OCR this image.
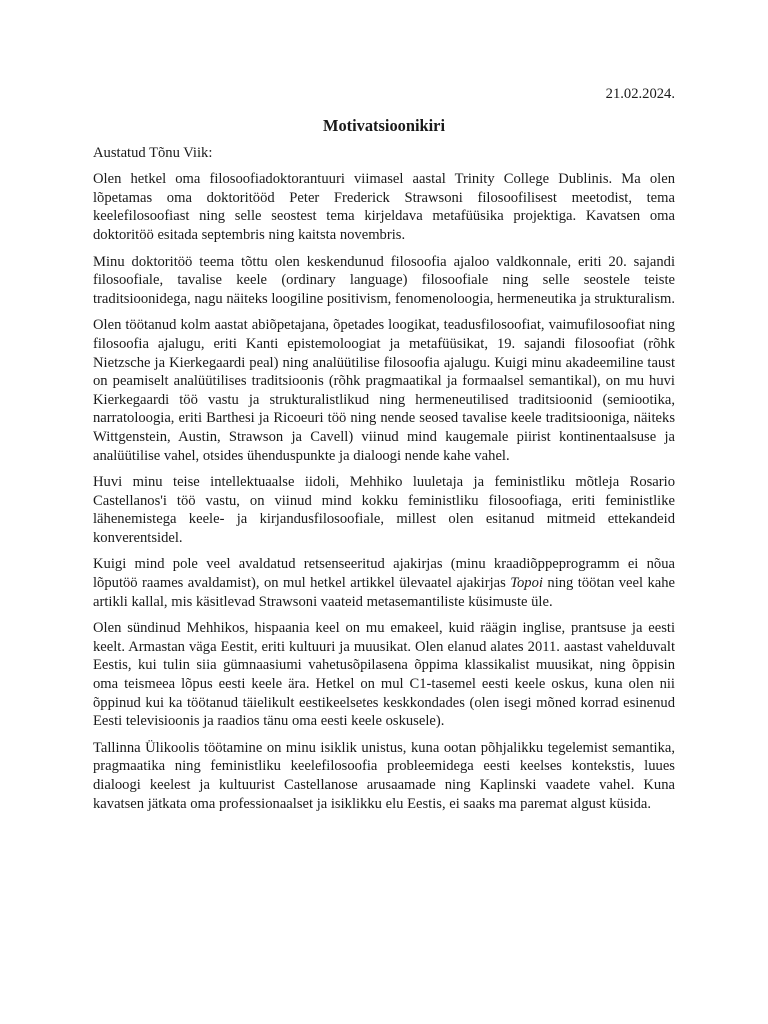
21.02.2024.

Motivatsioonikiri

Austatud Tõnu Viik:

Olen hetkel oma filosoofiadoktorantuuri viimasel aastal Trinity College Dublinis. Ma olen lõpetamas oma doktoritööd Peter Frederick Strawsoni filosoofilisest meetodist, tema keelefilosoofiast ning selle seostest tema kirjeldava metafüüsika projektiga. Kavatsen oma doktoritöö esitada septembris ning kaitsta novembris.

Minu doktoritöö teema tõttu olen keskendunud filosoofia ajaloo valdkonnale, eriti 20. sajandi filosoofiale, tavalise keele (ordinary language) filosoofiale ning selle seostele teiste traditsioonidega, nagu näiteks loogiline positivism, fenomenoloogia, hermeneutika ja strukturalism.

Olen töötanud kolm aastat abiõpetajana, õpetades loogikat, teadusfilosoofiat, vaimufilosoofiat ning filosoofia ajalugu, eriti Kanti epistemoloogiat ja metafüüsikat, 19. sajandi filosoofiat (rõhk Nietzsche ja Kierkegaardi peal) ning analüütilise filosoofia ajalugu. Kuigi minu akadeemiline taust on peamiselt analüütilises traditsioonis (rõhk pragmaatikal ja formaalsel semantikal), on mu huvi Kierkegaardi töö vastu ja strukturalistlikud ning hermeneutilised traditsioonid (semiootika, narratoloogia, eriti Barthesi ja Ricoeuri töö ning nende seosed tavalise keele traditsiooniga, näiteks Wittgenstein, Austin, Strawson ja Cavell) viinud mind kaugemale piirist kontinentaalsuse ja analüütilise vahel, otsides ühenduspunkte ja dialoogi nende kahe vahel.

Huvi minu teise intellektuaalse iidoli, Mehhiko luuletaja ja feministliku mõtleja Rosario Castellanos'i töö vastu, on viinud mind kokku feministliku filosoofiaga, eriti feministlike lähenemistega keele- ja kirjandusfilosoofiale, millest olen esitanud mitmeid ettekandeid konverentsidel.

Kuigi mind pole veel avaldatud retsenseeritud ajakirjas (minu kraadiõppeprogramm ei nõua lõputöö raames avaldamist), on mul hetkel artikkel ülevaatel ajakirjas Topoi ning töötan veel kahe artikli kallal, mis käsitlevad Strawsoni vaateid metasemantiliste küsimuste üle.

Olen sündinud Mehhikos, hispaania keel on mu emakeel, kuid räägin inglise, prantsuse ja eesti keelt. Armastan väga Eestit, eriti kultuuri ja muusikat. Olen elanud alates 2011. aastast vahelduvalt Eestis, kui tulin siia gümnaasiumi vahetusõpilasena õppima klassikalist muusikat, ning õppisin oma teismeea lõpus eesti keele ära. Hetkel on mul C1-tasemel eesti keele oskus, kuna olen nii õppinud kui ka töötanud täielikult eestikeelsetes keskkondades (olen isegi mõned korrad esinenud Eesti televisioonis ja raadios tänu oma eesti keele oskusele).

Tallinna Ülikoolis töötamine on minu isiklik unistus, kuna ootan põhjalikku tegelemist semantika, pragmaatika ning feministliku keelefilosoofia probleemidega eesti keelses kontekstis, luues dialoogi keelest ja kultuurist Castellanose arusaamade ning Kaplinski vaadete vahel. Kuna kavatsen jätkata oma professionaalset ja isiklikku elu Eestis, ei saaks ma paremat algust küsida.
